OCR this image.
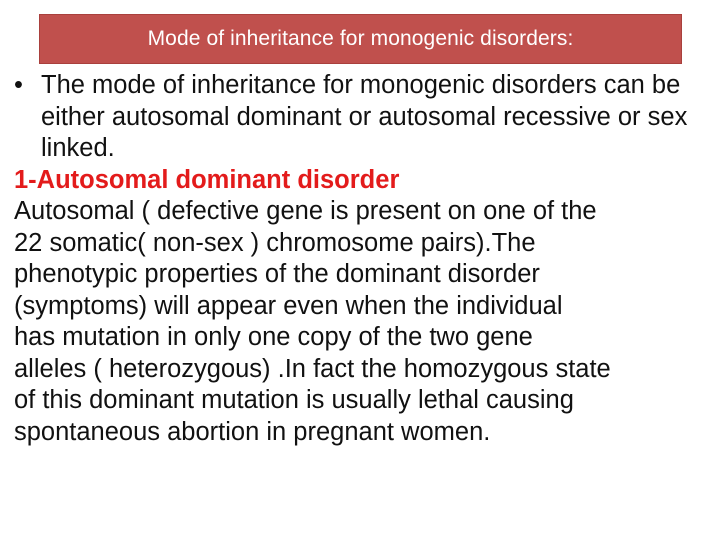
Mode of inheritance for monogenic disorders:
• The mode of inheritance for monogenic disorders can be either autosomal dominant or autosomal recessive or sex linked.
1-Autosomal dominant disorder
Autosomal ( defective gene is present on one of the
22 somatic( non-sex ) chromosome pairs).The
phenotypic properties of the dominant disorder
(symptoms) will appear even when the individual
has mutation in only one copy of the two gene
alleles ( heterozygous) .In fact the homozygous state
of this dominant mutation is usually lethal causing
spontaneous abortion in pregnant women.
